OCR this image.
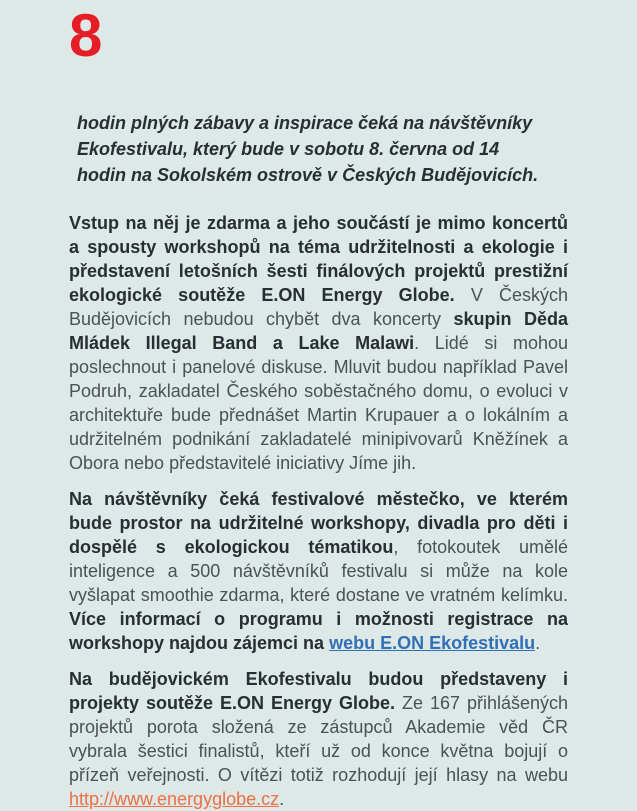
8

hodin plných zábavy a inspirace čeká na návštěvníky Ekofestivalu, který bude v sobotu 8. června od 14 hodin na Sokolském ostrově v Českých Budějovicích.

Vstup na něj je zdarma a jeho součástí je mimo koncertů a spousty workshopů na téma udržitelnosti a ekologie i představení letošních šesti finálových projektů prestižní ekologické soutěže E.ON Energy Globe. V Českých Budějovicích nebudou chybět dva koncerty skupin Děda Mládek Illegal Band a Lake Malawi. Lidé si mohou poslechnout i panelové diskuse. Mluvit budou například Pavel Podruh, zakladatel Českého soběstačného domu, o evoluci v architektuře bude přednášet Martin Krupauer a o lokálním a udržitelném podnikání zakladatelé minipivovarů Kněžínek a Obora nebo představitelé iniciativy Jíme jih.

Na návštěvníky čeká festivalové městečko, ve kterém bude prostor na udržitelné workshopy, divadla pro děti i dospělé s ekologickou tématikou, fotokoutek umělé inteligence a 500 návštěvníků festivalu si může na kole vyšlapat smoothie zdarma, které dostane ve vratném kelímku. Více informací o programu i možnosti registrace na workshopy najdou zájemci na webu E.ON Ekofestivalu.

Na budějovickém Ekofestivalu budou představeny i projekty soutěže E.ON Energy Globe. Ze 167 přihlášených projektů porota složená ze zástupců Akademie věd ČR vybrala šestici finalistů, kteří už od konce května bojují o přízeň veřejnosti. O vítězi totiž rozhodují její hlasy na webu http://www.energyglobe.cz.
